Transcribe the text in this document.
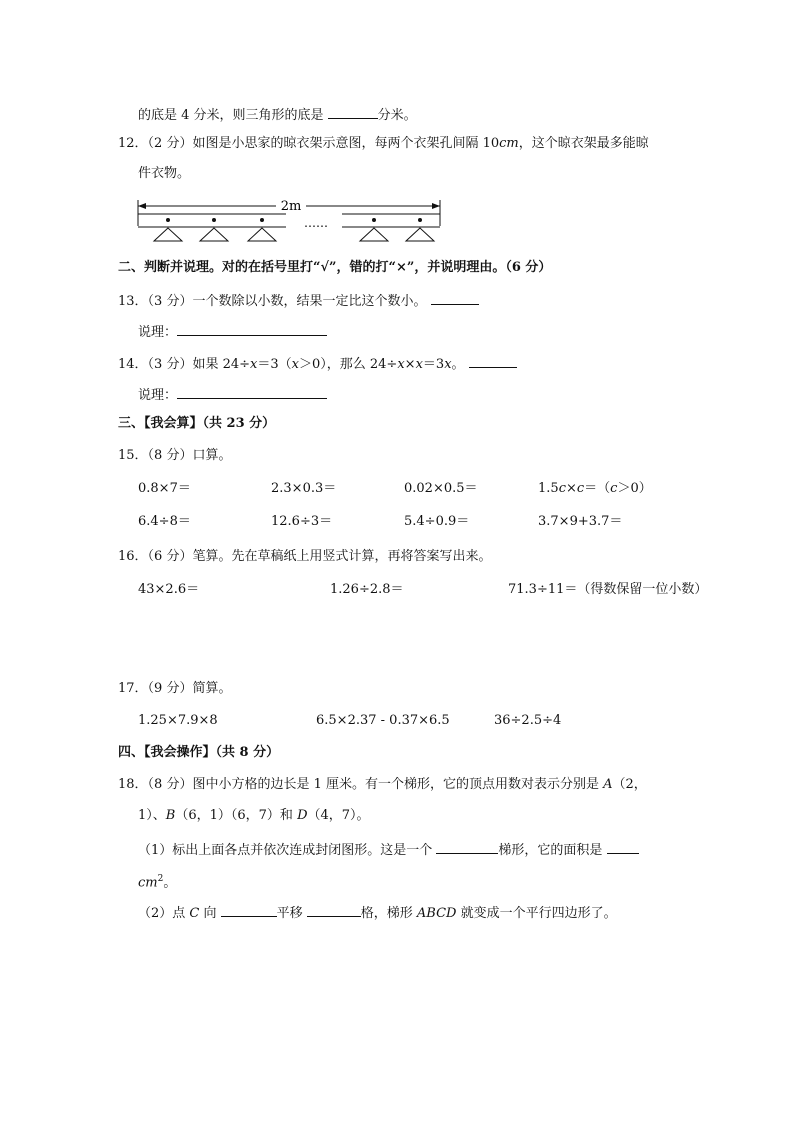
的底是 4 分米，则三角形的底是	分米。
12．（2 分）如图是小思家的晾衣架示意图，每两个衣架孔间隔 10cm，这个晾衣架最多能晾
件衣物。
2m
……
二、判断并说理。对的在括号里打“√”，错的打“×”，并说明理由。（6 分）
13．（3 分）一个数除以小数，结果一定比这个数小。
说理：
14．（3 分）如果 24÷x＝3（x＞0），那么 24÷x×x＝3x。
说理：
三、【我会算】（共 23 分）
15．（8 分）口算。
0.8×7＝	2.3×0.3＝	0.02×0.5＝	1.5c×c＝（c＞0）
6.4÷8＝	12.6÷3＝	5.4÷0.9＝	3.7×9+3.7＝
16．（6 分）笔算。先在草稿纸上用竖式计算，再将答案写出来。
43×2.6＝	1.26÷2.8＝	71.3÷11＝（得数保留一位小数）
17．（9 分）简算。
1.25×7.9×8	6.5×2.37 - 0.37×6.5	36÷2.5÷4
四、【我会操作】（共 8 分）
18．（8 分）图中小方格的边长是 1 厘米。有一个梯形，它的顶点用数对表示分别是 A（2，
1）、B（6，1）（6，7）和 D（4，7）。
（1）标出上面各点并依次连成封闭图形。这是一个	梯形，它的面积是
$cm^2$。
（2）点 C 向	平移	格，梯形 ABCD 就变成一个平行四边形了。
